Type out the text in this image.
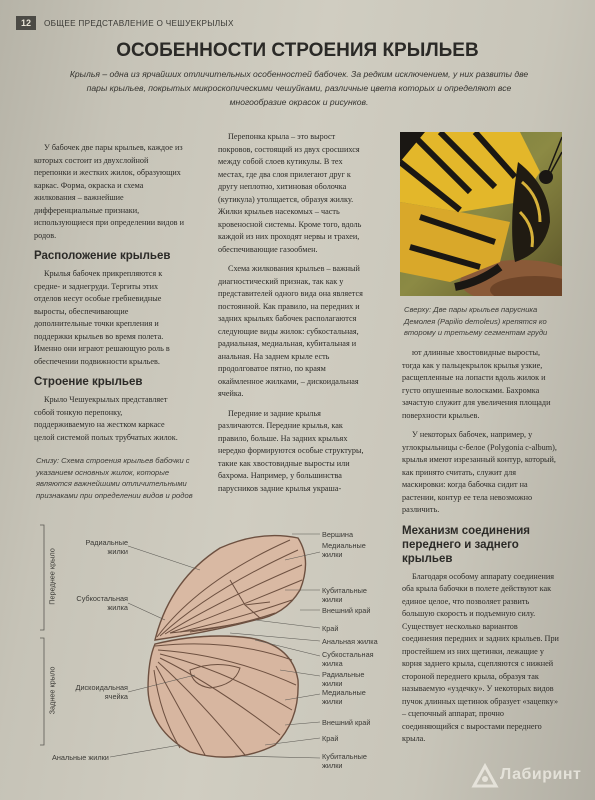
12	ОБЩЕЕ ПРЕДСТАВЛЕНИЕ О ЧЕШУЕКРЫЛЫХ
ОСОБЕННОСТИ СТРОЕНИЯ КРЫЛЬЕВ
Крылья – одна из ярчайших отличительных особенностей бабочек. За редким исключением, у них развиты две пары крыльев, покрытых микроскопическими чешуйками, различные цвета которых и определяют все многообразие окрасок и рисунков.

У бабочек две пары крыльев, каждое из которых состоит из двухслойной перепонки и жестких жилок, образующих каркас. Форма, окраска и схема жилкования – важнейшие дифференциальные признаки, использующиеся при определении видов и родов.

Расположение крыльев

Крылья бабочек прикрепляются к средне- и заднегруди. Тергиты этих отделов несут особые гребневидные выросты, обеспечивающие дополнительные точки крепления и поддержки крыльев во время полета. Именно они играют решающую роль в обеспечении подвижности крыльев.

Строение крыльев

Крыло Чешуекрылых представляет собой тонкую перепонку, поддерживаемую на жестком каркасе целой системой полых трубчатых жилок.

Снизу: Схема строения крыльев бабочки с указанием основных жилок, которые являются важнейшими отличительными признаками при определении видов и родов

Перепонка крыла – это вырост покровов, состоящий из двух сросшихся между собой слоев кутикулы. В тех местах, где два слоя прилегают друг к другу неплотно, хитиновая оболочка (кутикула) утолщается, образуя жилку. Жилки крыльев насекомых – часть кровеносной системы. Кроме того, вдоль каждой из них проходят нервы и трахеи, обеспечивающие газообмен.

Схема жилкования крыльев – важный диагностический признак, так как у представителей одного вида она является постоянной. Как правило, на передних и задних крыльях бабочек располагаются следующие виды жилок: субкостальная, радиальная, медиальная, кубитальная и анальная. На заднем крыле есть продолговатое пятно, по краям окаймленное жилками, – дискоидальная ячейка.

Передние и задние крылья различаются. Передние крылья, как правило, больше. На задних крыльях нередко формируются особые структуры, такие как хвостовидные выросты или бахрома. Например, у большинства парусников задние крылья украша-

Сверху: Две пары крыльев парусника Демолея (Papilio demoleus) крепятся ко второму и третьему сегментам груди

ют длинные хвостовидные выросты, тогда как у пальцекрылок крылья узкие, расщепленные на лопасти вдоль жилок и густо опушенные волосками. Бахромка зачастую служит для увеличения площади поверхности крыльев.

У некоторых бабочек, например, у углокрыльницы с-белое (Polygonia c-album), крылья имеют изрезанный контур, который, как принято считать, служит для маскировки: когда бабочка сидит на растении, контур ее тела невозможно различить.

Механизм соединения переднего и заднего крыльев

Благодаря особому аппарату соединения оба крыла бабочки в полете действуют как единое целое, что позволяет развить большую скорость и подъемную силу. Существует несколько вариантов соединения передних и задних крыльев. При простейшем из них щетинки, лежащие у корня заднего крыла, сцепляются с нижней стороной переднего крыла, образуя так называемую «уздечку». У некоторых видов пучок длинных щетинок образует «зацепку» – сцепочный аппарат, прочно соединяющийся с выростами переднего крыла.

Переднее крыло
Заднее крыло
Радиальные жилки
Субкостальная жилка
Дискоидальная ячейка
Анальные жилки
Вершина
Медиальные жилки
Кубитальные жилки
Внешний край
Край
Анальная жилка
Субкостальная жилка
Радиальные жилки
Медиальные жилки
Внешний край
Край
Кубитальные жилки
Лабиринт
